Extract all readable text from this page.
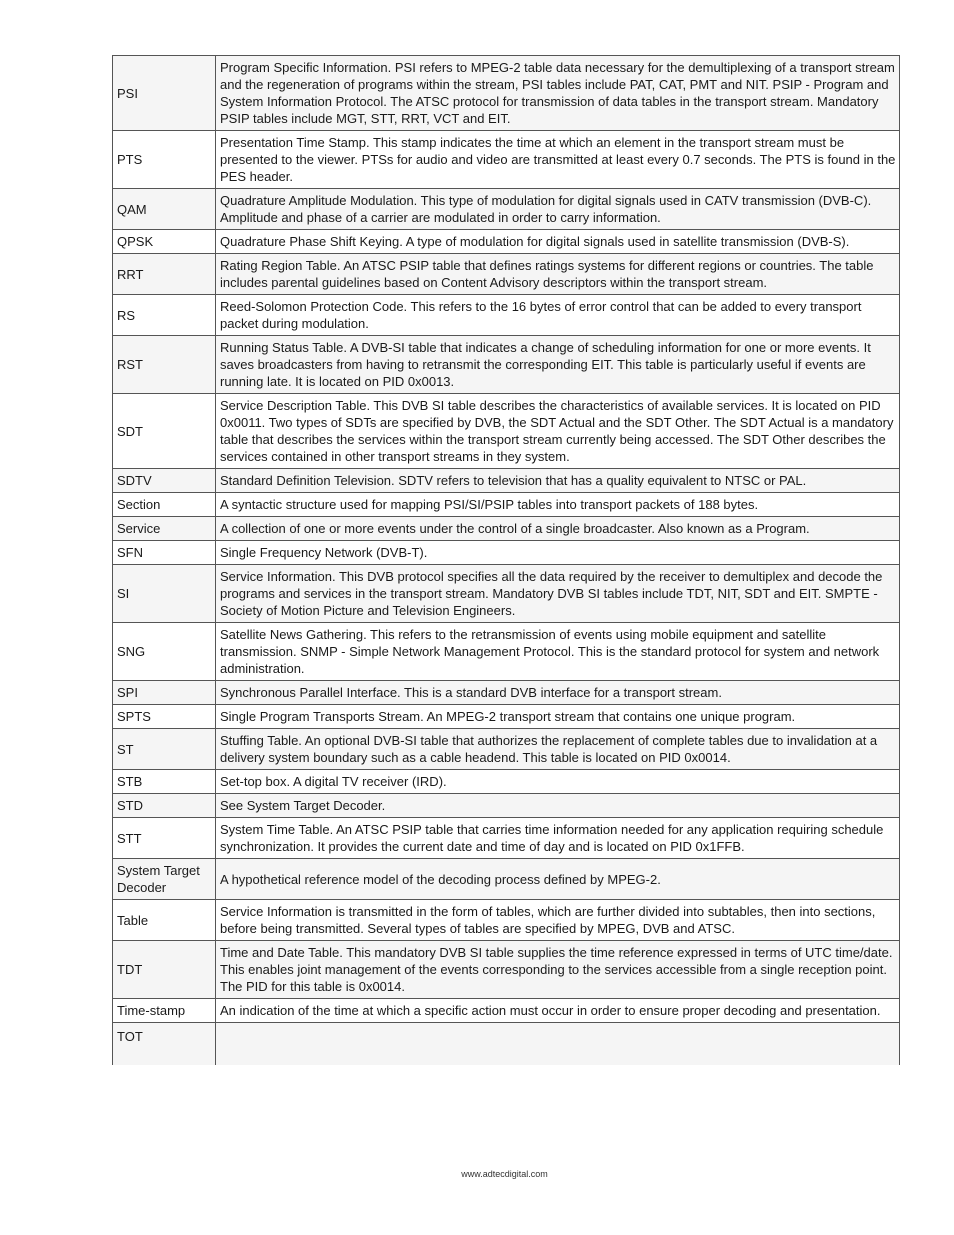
PSI	Program Specific Information. PSI refers to MPEG-2 table data necessary for the demultiplexing of a transport stream and the regeneration of programs within the stream, PSI tables include PAT, CAT, PMT and NIT. PSIP - Program and System Information Protocol. The ATSC protocol for transmission of data tables in the transport stream. Mandatory PSIP tables include MGT, STT, RRT, VCT and EIT.
PTS	Presentation Time Stamp. This stamp indicates the time at which an element in the transport stream must be presented to the viewer. PTSs for audio and video are transmitted at least every 0.7 seconds. The PTS is found in the PES header.
QAM	Quadrature Amplitude Modulation. This type of modulation for digital signals used in CATV transmission (DVB-C). Amplitude and phase of a carrier are modulated in order to carry information.
QPSK	Quadrature Phase Shift Keying. A type of modulation for digital signals used in satellite transmission (DVB-S).
RRT	Rating Region Table. An ATSC PSIP table that defines ratings systems for different regions or countries. The table includes parental guidelines based on Content Advisory descriptors within the transport stream.
RS	Reed-Solomon Protection Code. This refers to the 16 bytes of error control that can be added to every transport packet during modulation.
RST	Running Status Table. A DVB-SI table that indicates a change of scheduling information for one or more events. It saves broadcasters from having to retransmit the corresponding EIT. This table is particularly useful if events are running late. It is located on PID 0x0013.
SDT	Service Description Table. This DVB SI table describes the characteristics of available services. It is located on PID 0x0011. Two types of SDTs are specified by DVB, the SDT Actual and the SDT Other. The SDT Actual is a mandatory table that describes the services within the transport stream currently being accessed. The SDT Other describes the services contained in other transport streams in they system.
SDTV	Standard Definition Television. SDTV refers to television that has a quality equivalent to NTSC or PAL.
Section	A syntactic structure used for mapping PSI/SI/PSIP tables into transport packets of 188 bytes.
Service	A collection of one or more events under the control of a single broadcaster. Also known as a Program.
SFN	Single Frequency Network (DVB-T).
SI	Service Information. This DVB protocol specifies all the data required by the receiver to demultiplex and decode the programs and services in the transport stream. Mandatory DVB SI tables include TDT, NIT, SDT and EIT. SMPTE - Society of Motion Picture and Television Engineers.
SNG	Satellite News Gathering. This refers to the retransmission of events using mobile equipment and satellite transmission. SNMP - Simple Network Management Protocol. This is the standard protocol for system and network administration.
SPI	Synchronous Parallel Interface. This is a standard DVB interface for a transport stream.
SPTS	Single Program Transports Stream. An MPEG-2 transport stream that contains one unique program.
ST	Stuffing Table. An optional DVB-SI table that authorizes the replacement of complete tables due to invalidation at a delivery system boundary such as a cable headend. This table is located on PID 0x0014.
STB	Set-top box. A digital TV receiver (IRD).
STD	See System Target Decoder.
STT	System Time Table. An ATSC PSIP table that carries time information needed for any application requiring schedule synchronization. It provides the current date and time of day and is located on PID 0x1FFB.
System Target Decoder	A hypothetical reference model of the decoding process defined by MPEG-2.
Table	Service Information is transmitted in the form of tables, which are further divided into subtables, then into sections, before being transmitted. Several types of tables are specified by MPEG, DVB and ATSC.
TDT	Time and Date Table. This mandatory DVB SI table supplies the time reference expressed in terms of UTC time/date. This enables joint management of the events corresponding to the services accessible from a single reception point. The PID for this table is 0x0014.
Time-stamp	An indication of the time at which a specific action must occur in order to ensure proper decoding and presentation.
TOT	
www.adtecdigital.com
